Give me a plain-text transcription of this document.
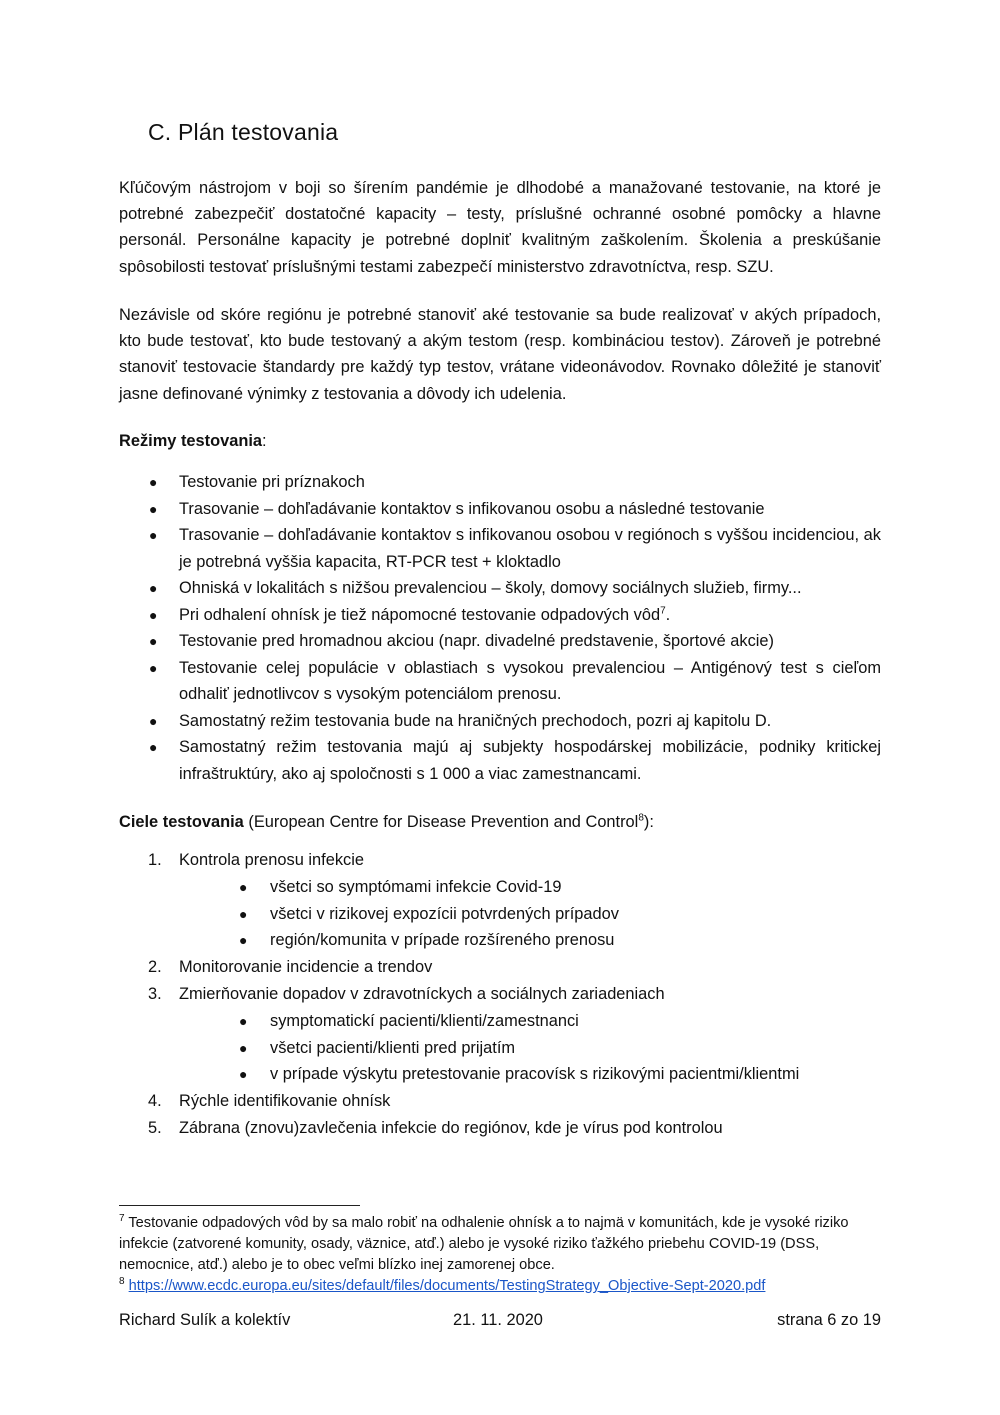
C. Plán testovania

Kľúčovým nástrojom v boji so šírením pandémie je dlhodobé a manažované testovanie, na ktoré je potrebné zabezpečiť dostatočné kapacity – testy, príslušné ochranné osobné pomôcky a hlavne personál. Personálne kapacity je potrebné doplniť kvalitným zaškolením. Školenia a preskúšanie spôsobilosti testovať príslušnými testami zabezpečí ministerstvo zdravotníctva, resp. SZU.

Nezávisle od skóre regiónu je potrebné stanoviť aké testovanie sa bude realizovať v akých prípadoch, kto bude testovať, kto bude testovaný a akým testom (resp. kombináciou testov). Zároveň je potrebné stanoviť testovacie štandardy pre každý typ testov, vrátane videonávodov. Rovnako dôležité je stanoviť jasne definované výnimky z testovania a dôvody ich udelenia.

Režimy testovania:

● Testovanie pri príznakoch
● Trasovanie – dohľadávanie kontaktov s infikovanou osobu a následné testovanie
● Trasovanie – dohľadávanie kontaktov s infikovanou osobou v regiónoch s vyššou incidenciou, ak je potrebná vyššia kapacita, RT-PCR test + kloktadlo
● Ohniská v lokalitách s nižšou prevalenciou – školy, domovy sociálnych služieb, firmy...
● Pri odhalení ohnísk je tiež nápomocné testovanie odpadových vôd$^7$.
● Testovanie pred hromadnou akciou (napr. divadelné predstavenie, športové akcie)
● Testovanie celej populácie v oblastiach s vysokou prevalenciou – Antigénový test s cieľom odhaliť jednotlivcov s vysokým potenciálom prenosu.
● Samostatný režim testovania bude na hraničných prechodoch, pozri aj kapitolu D.
● Samostatný režim testovania majú aj subjekty hospodárskej mobilizácie, podniky kritickej infraštruktúry, ako aj spoločnosti s 1 000 a viac zamestnancami.

Ciele testovania (European Centre for Disease Prevention and Control$^8$):

1. Kontrola prenosu infekcie
● všetci so symptómami infekcie Covid-19
● všetci v rizikovej expozícii potvrdených prípadov
● región/komunita v prípade rozšíreného prenosu
2. Monitorovanie incidencie a trendov
3. Zmierňovanie dopadov v zdravotníckych a sociálnych zariadeniach
● symptomatickí pacienti/klienti/zamestnanci
● všetci pacienti/klienti pred prijatím
● v prípade výskytu pretestovanie pracovísk s rizikovými pacientmi/klientmi
4. Rýchle identifikovanie ohnísk
5. Zábrana (znovu)zavlečenia infekcie do regiónov, kde je vírus pod kontrolou

$^7$ Testovanie odpadových vôd by sa malo robiť na odhalenie ohnísk a to najmä v komunitách, kde je vysoké riziko infekcie (zatvorené komunity, osady, väznice, atď.) alebo je vysoké riziko ťažkého priebehu COVID-19 (DSS, nemocnice, atď.) alebo je to obec veľmi blízko inej zamorenej obce.

$^8$ https://www.ecdc.europa.eu/sites/default/files/documents/TestingStrategy_Objective-Sept-2020.pdf

Richard Sulík a kolektív	21. 11. 2020	strana 6 zo 19
